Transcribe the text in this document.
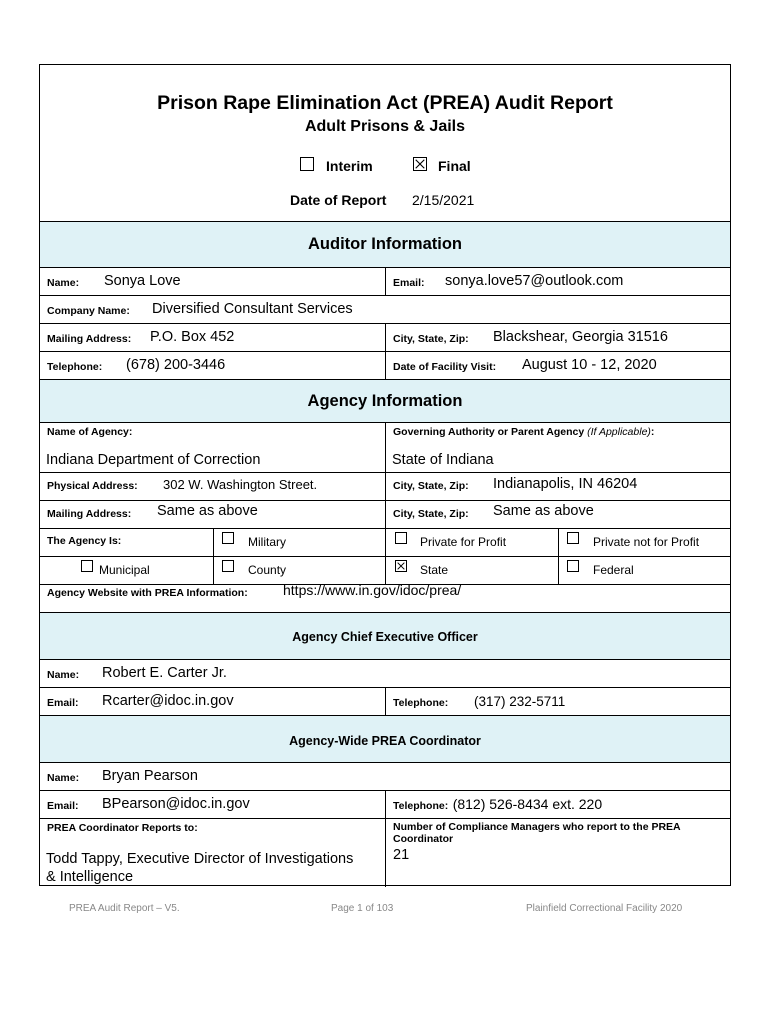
Prison Rape Elimination Act (PREA) Audit Report
Adult Prisons & Jails
Interim	Final
Date of Report 2/15/2021
Auditor Information
Name: Sonya Love	Email: sonya.love57@outlook.com
Company Name: Diversified Consultant Services
Mailing Address: P.O. Box 452	City, State, Zip: Blackshear, Georgia 31516
Telephone: (678) 200-3446	Date of Facility Visit: August 10 - 12, 2020
Agency Information
Name of Agency:
Indiana Department of Correction
Governing Authority or Parent Agency (If Applicable):
State of Indiana
Physical Address: 302 W. Washington Street.	City, State, Zip: Indianapolis, IN 46204
Mailing Address: Same as above	City, State, Zip: Same as above
The Agency Is:	Military	Private for Profit	Private not for Profit
Municipal	County	State	Federal
Agency Website with PREA Information:	https://www.in.gov/idoc/prea/
Agency Chief Executive Officer
Name: Robert E. Carter Jr.
Email: Rcarter@idoc.in.gov	Telephone: (317) 232-5711
Agency-Wide PREA Coordinator
Name: Bryan Pearson
Email: BPearson@idoc.in.gov	Telephone: (812) 526-8434 ext. 220
PREA Coordinator Reports to:
Todd Tappy, Executive Director of Investigations
& Intelligence
Number of Compliance Managers who report to the PREA
Coordinator
21
PREA Audit Report – V5.	Page 1 of 103	Plainfield Correctional Facility 2020
